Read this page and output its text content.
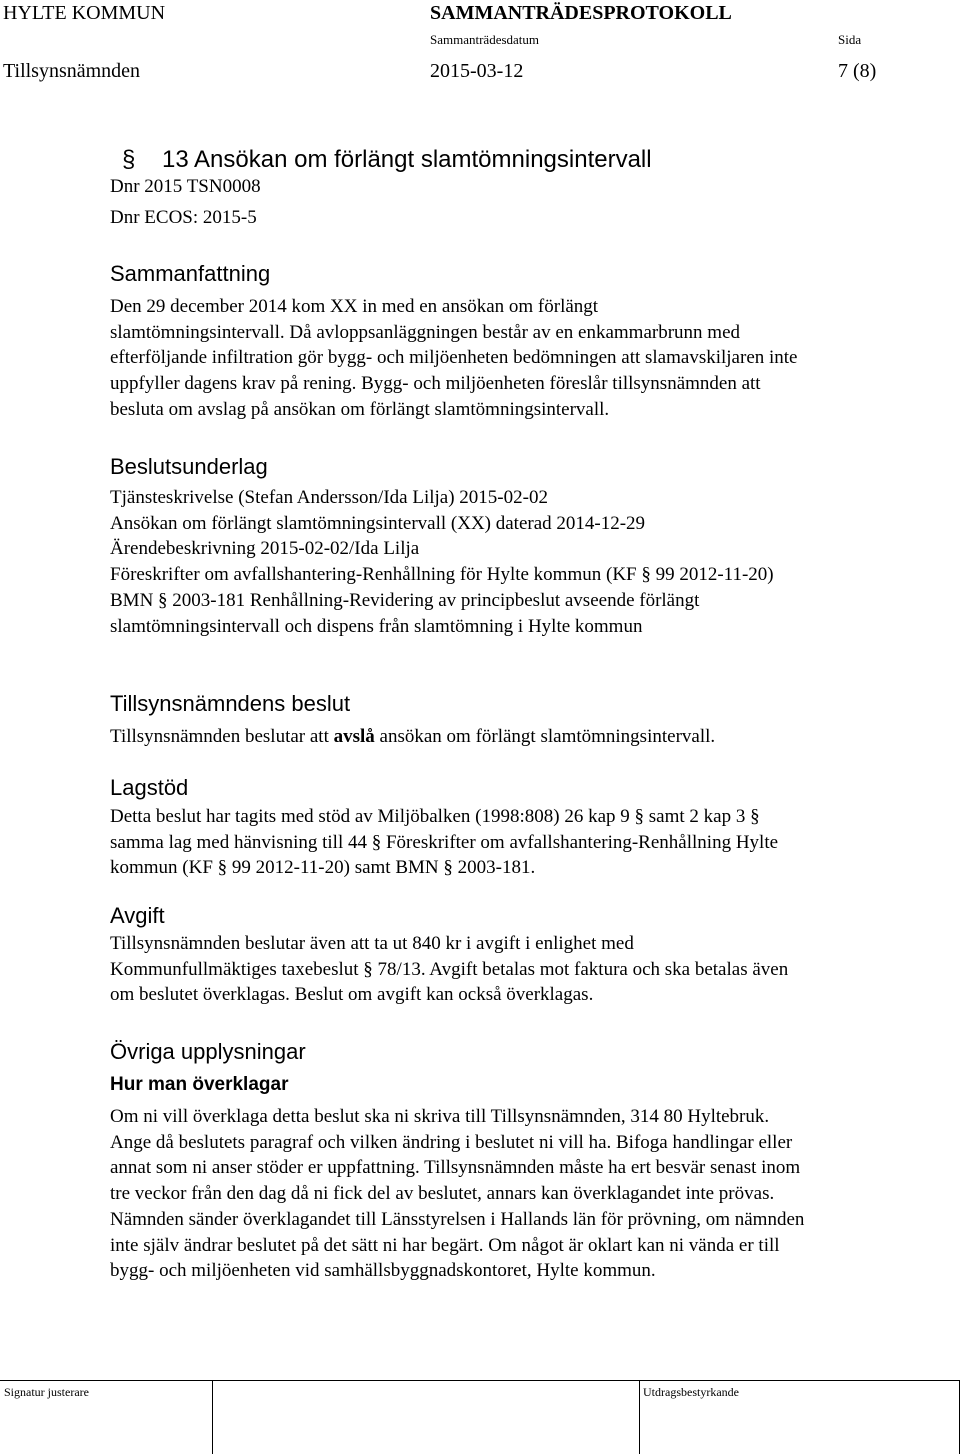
HYLTE KOMMUN	SAMMANTRÄDESPROTOKOLL
Sammanträdesdatum	Sida
Tillsynsnämnden	2015-03-12	7 (8)
§ 13 Ansökan om förlängt slamtömningsintervall
Dnr 2015 TSN0008
Dnr ECOS: 2015-5
Sammanfattning
Den 29 december 2014 kom XX in med en ansökan om förlängt
slamtömningsintervall. Då avloppsanläggningen består av en enkammarbrunn med
efterföljande infiltration gör bygg- och miljöenheten bedömningen att slamavskiljaren inte
uppfyller dagens krav på rening. Bygg- och miljöenheten föreslår tillsynsnämnden att
besluta om avslag på ansökan om förlängt slamtömningsintervall.
Beslutsunderlag
Tjänsteskrivelse (Stefan Andersson/Ida Lilja) 2015-02-02
Ansökan om förlängt slamtömningsintervall (XX) daterad 2014-12-29
Ärendebeskrivning 2015-02-02/Ida Lilja
Föreskrifter om avfallshantering-Renhållning för Hylte kommun (KF § 99 2012-11-20)
BMN § 2003-181 Renhållning-Revidering av principbeslut avseende förlängt
slamtömningsintervall och dispens från slamtömning i Hylte kommun
Tillsynsnämndens beslut
Tillsynsnämnden beslutar att avslå ansökan om förlängt slamtömningsintervall.
Lagstöd
Detta beslut har tagits med stöd av Miljöbalken (1998:808) 26 kap 9 § samt 2 kap 3 §
samma lag med hänvisning till 44 § Föreskrifter om avfallshantering-Renhållning Hylte
kommun (KF § 99 2012-11-20) samt BMN § 2003-181.
Avgift
Tillsynsnämnden beslutar även att ta ut 840 kr i avgift i enlighet med
Kommunfullmäktiges taxebeslut § 78/13. Avgift betalas mot faktura och ska betalas även
om beslutet överklagas. Beslut om avgift kan också överklagas.
Övriga upplysningar
Hur man överklagar
Om ni vill överklaga detta beslut ska ni skriva till Tillsynsnämnden, 314 80 Hyltebruk.
Ange då beslutets paragraf och vilken ändring i beslutet ni vill ha. Bifoga handlingar eller
annat som ni anser stöder er uppfattning. Tillsynsnämnden måste ha ert besvär senast inom
tre veckor från den dag då ni fick del av beslutet, annars kan överklagandet inte prövas.
Nämnden sänder överklagandet till Länsstyrelsen i Hallands län för prövning, om nämnden
inte själv ändrar beslutet på det sätt ni har begärt. Om något är oklart kan ni vända er till
bygg- och miljöenheten vid samhällsbyggnadskontoret, Hylte kommun.
Signatur justerare	Utdragsbestyrkande
